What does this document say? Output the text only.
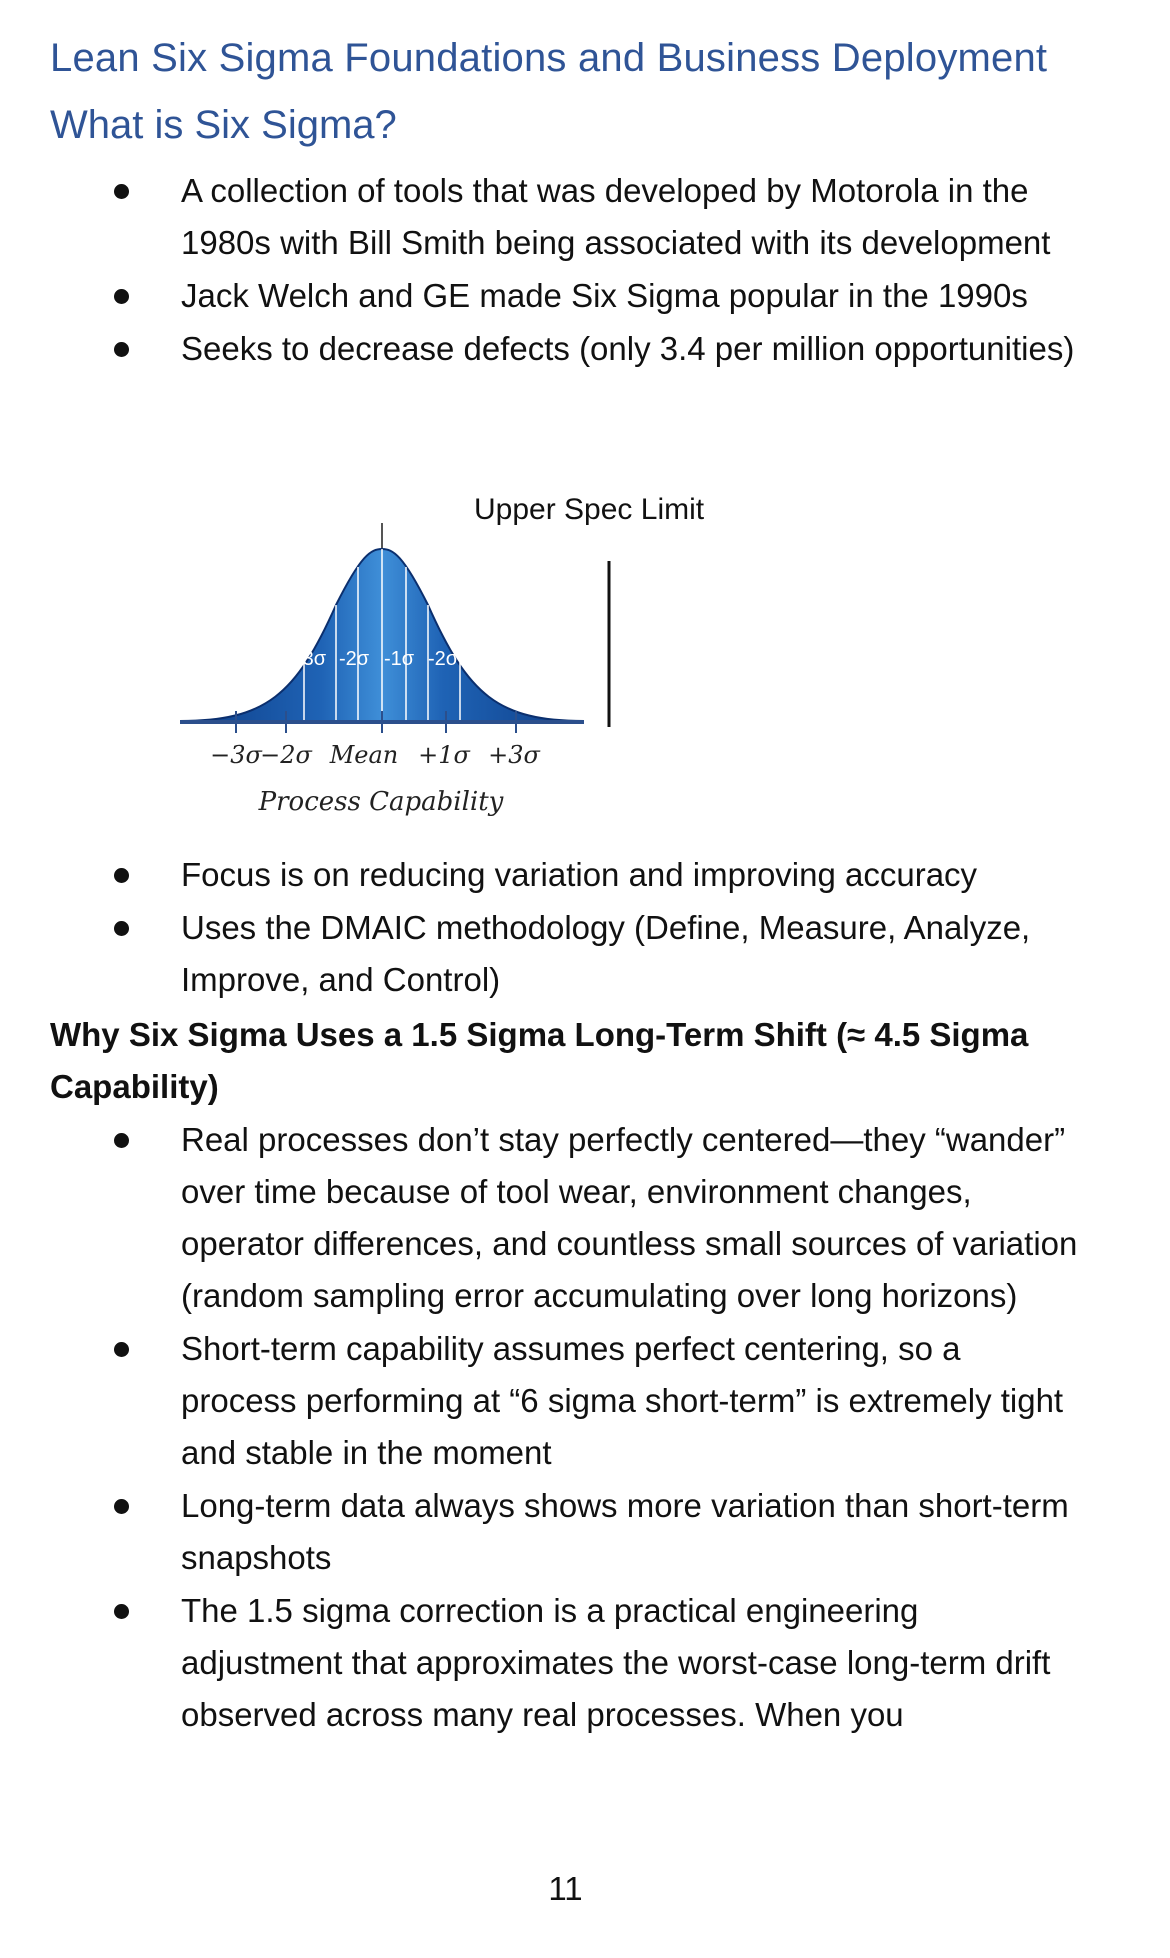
Lean Six Sigma Foundations and Business Deployment
What is Six Sigma?
A collection of tools that was developed by Motorola in the 1980s with Bill Smith being associated with its development
Jack Welch and GE made Six Sigma popular in the 1990s
Seeks to decrease defects (only 3.4 per million opportunities)
Upper Spec Limit
-3σ -2σ -1σ -2σ
−3σ
−2σ Mean +1σ +3σ
Process Capability
Focus is on reducing variation and improving accuracy
Uses the DMAIC methodology (Define, Measure, Analyze, Improve, and Control)
Why Six Sigma Uses a 1.5 Sigma Long-Term Shift (≈ 4.5 Sigma Capability)
Real processes don’t stay perfectly centered—they “wander” over time because of tool wear, environment changes, operator differences, and countless small sources of variation (random sampling error accumulating over long horizons)
Short-term capability assumes perfect centering, so a process performing at “6 sigma short-term” is extremely tight and stable in the moment
Long-term data always shows more variation than short-term snapshots
The 1.5 sigma correction is a practical engineering adjustment that approximates the worst-case long-term drift observed across many real processes. When you
11
